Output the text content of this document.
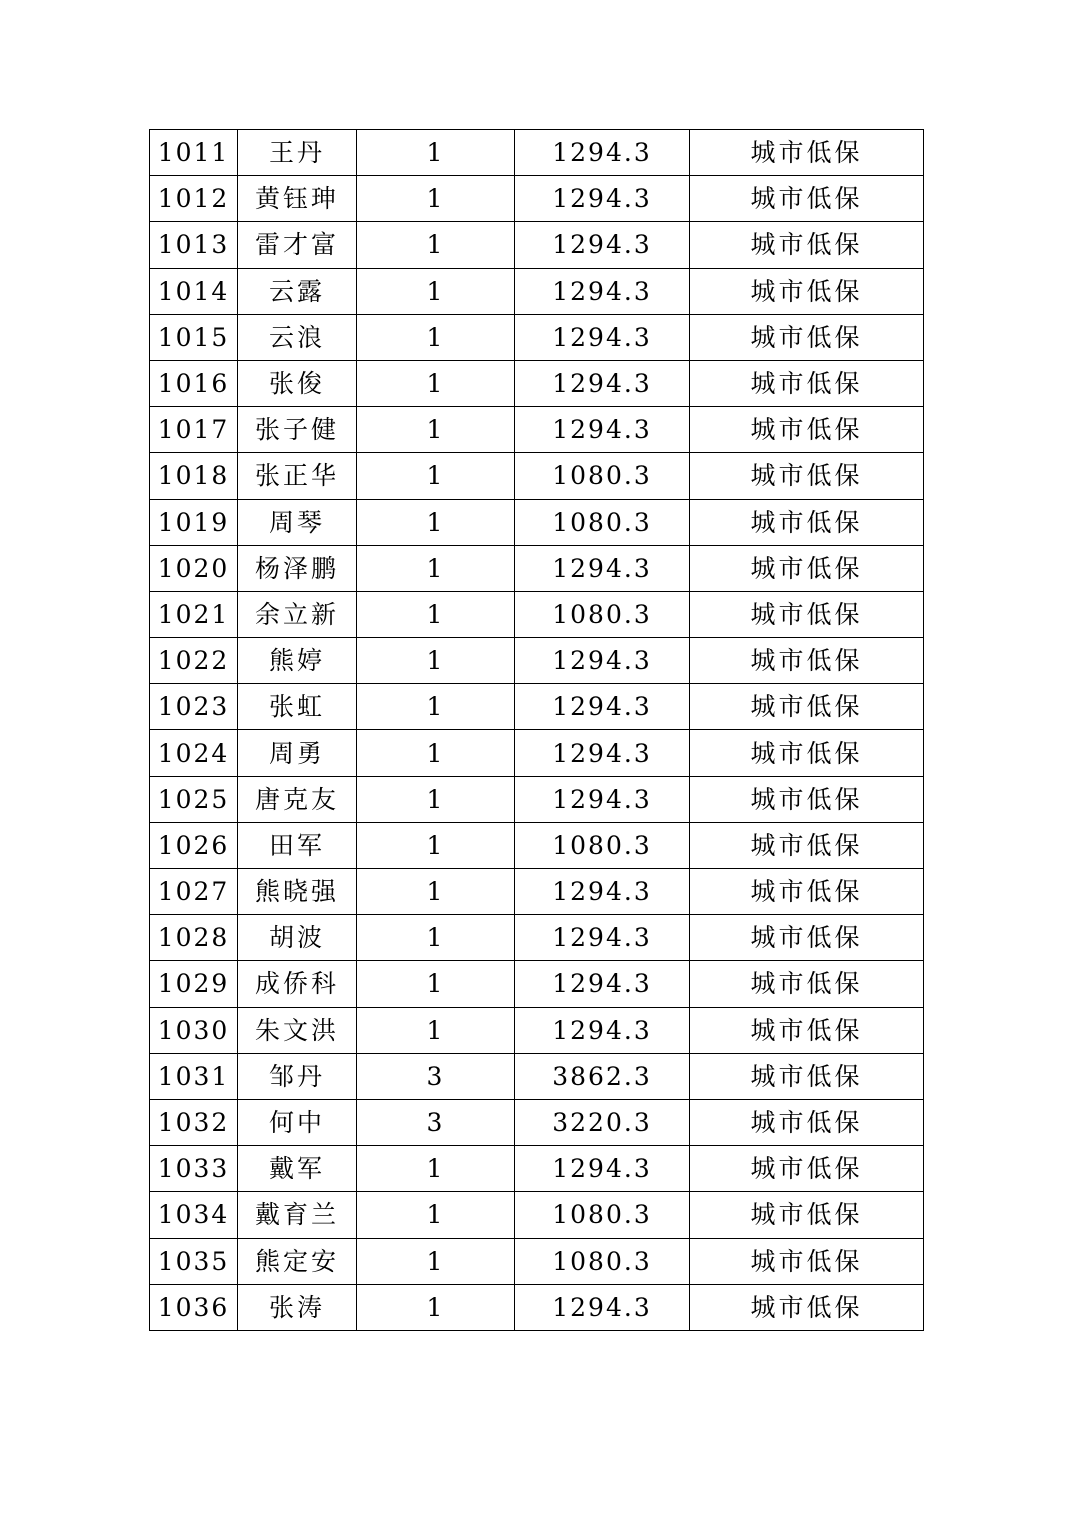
1011	王丹	1	1294.3	城市低保
1012	黄钰珅	1	1294.3	城市低保
1013	雷才富	1	1294.3	城市低保
1014	云露	1	1294.3	城市低保
1015	云浪	1	1294.3	城市低保
1016	张俊	1	1294.3	城市低保
1017	张子健	1	1294.3	城市低保
1018	张正华	1	1080.3	城市低保
1019	周琴	1	1080.3	城市低保
1020	杨泽鹏	1	1294.3	城市低保
1021	余立新	1	1080.3	城市低保
1022	熊婷	1	1294.3	城市低保
1023	张虹	1	1294.3	城市低保
1024	周勇	1	1294.3	城市低保
1025	唐克友	1	1294.3	城市低保
1026	田军	1	1080.3	城市低保
1027	熊晓强	1	1294.3	城市低保
1028	胡波	1	1294.3	城市低保
1029	成侨科	1	1294.3	城市低保
1030	朱文洪	1	1294.3	城市低保
1031	邹丹	3	3862.3	城市低保
1032	何中	3	3220.3	城市低保
1033	戴军	1	1294.3	城市低保
1034	戴育兰	1	1080.3	城市低保
1035	熊定安	1	1080.3	城市低保
1036	张涛	1	1294.3	城市低保
